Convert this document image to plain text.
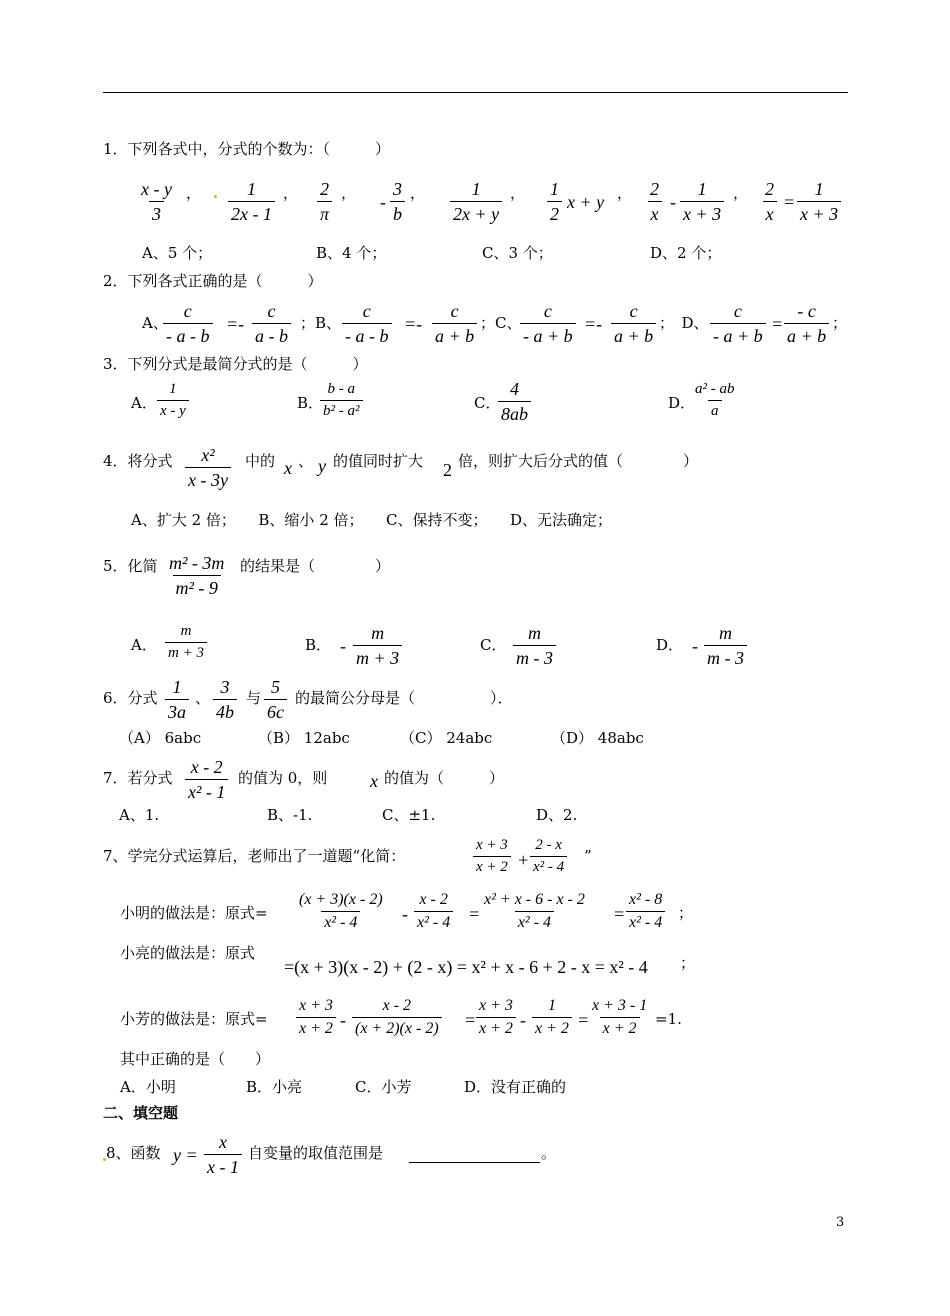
1．下列各式中，分式的个数为：（　　　）
$\frac{x - y}{3}$ ， $\frac{1}{2x - 1}$ ， $\frac{2}{\pi}$ ， - $\frac{3}{b}$ ， $\frac{1}{2x + y}$ ， $\frac{1}{2}$ x + y ， $\frac{2}{x} - \frac{1}{x + 3}$ ， $\frac{2}{x} = \frac{1}{x + 3}$
A、5 个；	B、4 个；	C、3 个；	D、2 个；
2．下列各式正确的是（　　　）
A、
$\frac{c}{- a - b} =- \frac{c}{a - b}$ ；B、 $\frac{c}{- a - b} =- \frac{c}{a + b}$ ；C、
$\frac{c}{- a + b} =- \frac{c}{a + b}$ ；　D、 $\frac{c}{- a + b} = \frac{- c}{a + b}$ ；
3．下列分式是最简分式的是（　　　）
A． $\frac{1}{x - y}$	B．
$\frac{b - a}{\text{b² - a²}}$	C．
$\frac{4}{8ab}$	D．
$\frac{\text{a² - ab}}{a}$
4．将分式 $\frac{\text{x²}}{x - 3y}$ 中的 x 、 y 的值同时扩大 2 倍，则扩大后分式的值（　　　　）
A、扩大 2 倍；　　B、缩小 2 倍；　　C、保持不变；　　D、无法确定；
5．化简 $\frac{\text{m² - 3m}}{\text{m² - 9}}$ 的结果是（　　　　）
A． $\frac{m}{m + 3}$	B． - $\frac{m}{m + 3}$	C． $\frac{m}{m - 3}$	D． - $\frac{m}{m - 3}$
6．分式 $\frac{1}{3a}$ 、 $\frac{3}{4b}$ 与 $\frac{5}{6c}$ 的最简公分母是（　　　　　）．
（A） 6abc	（B） 12abc	（C） 24abc	（D） 48abc
7．若分式 $\frac{x - 2}{\text{x² - 1}}$ 的值为 0，则 x 的值为（　　　）
A、1.	B、-1.	C、±1.	D、2.
7、学完分式运算后，老师出了一道题“化简：	$\frac{x + 3}{x + 2} + \frac{2 - x}{\text{x² - 4}}$ ”
小明的做法是：原式= $\frac{(x + 3)(x - 2)}{\text{x² - 4}} - \frac{x - 2}{\text{x² - 4}} = \frac{\text{x² + x - 6 - x - 2}}{\text{x² - 4}} = \frac{\text{x² - 8}}{\text{x² - 4}}$ ；
小亮的做法是：原式
=(x + 3)(x - 2) + (2 - x) = x² + x - 6 + 2 - x = x² - 4 ；
小芳的做法是：原式= $\frac{x + 3}{x + 2} - \frac{x - 2}{(x + 2)(x - 2)} = \frac{x + 3}{x + 2} - \frac{1}{x + 2} = \frac{x + 3 - 1}{x + 2} =1$.
其中正确的是（　　）
A．小明	B．小亮	C．小芳	D．没有正确的
二、填空题
8、函数 $y = \frac{x}{x - 1}$ 自变量的取值范围是	。
3
